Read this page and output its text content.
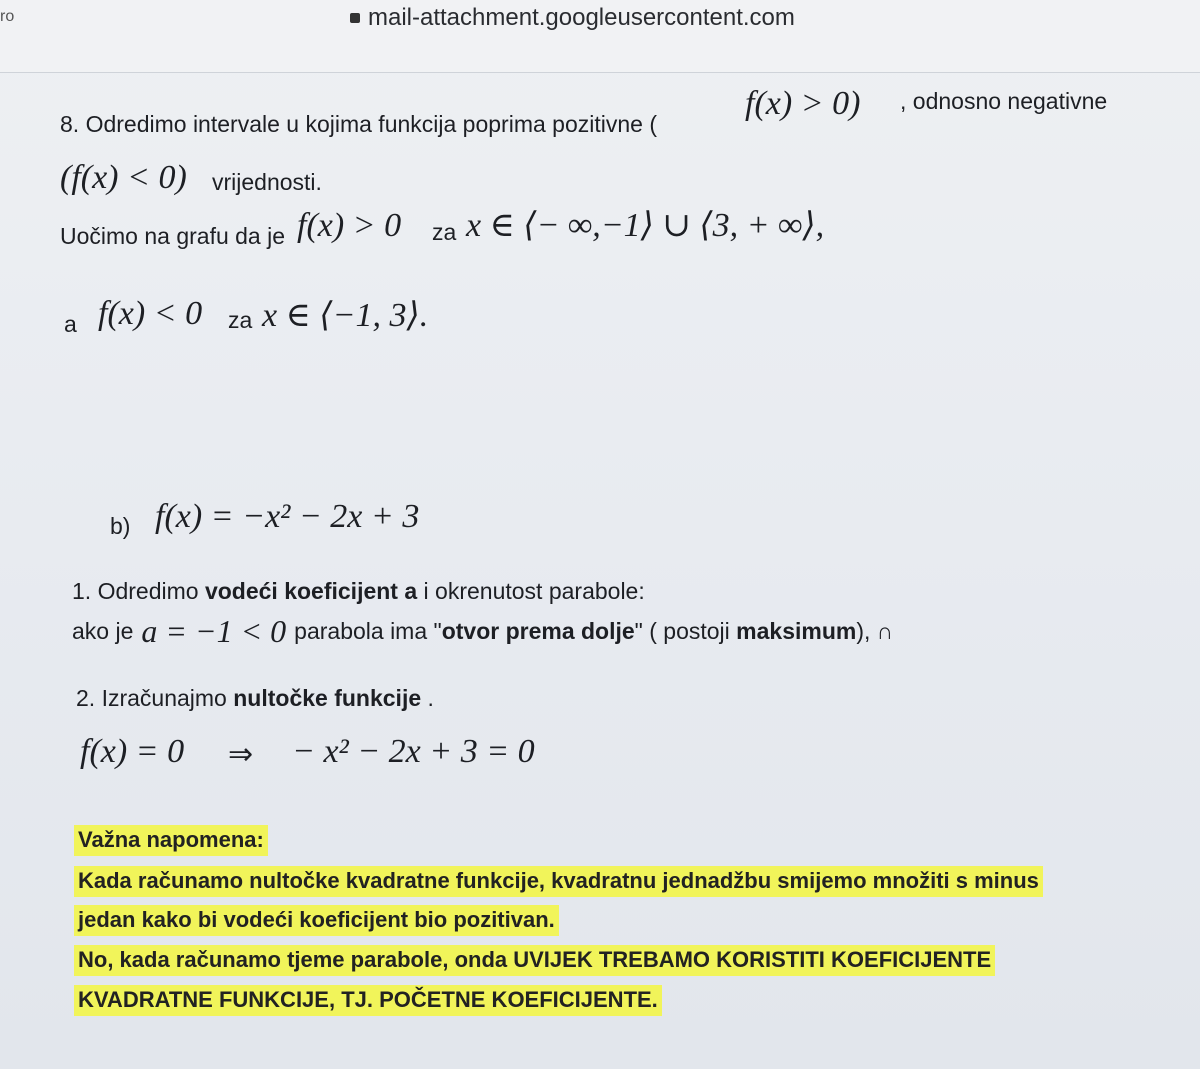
ro	mail-attachment.googleusercontent.com
8. Odredimo intervale u kojima funkcija poprima pozitivne (
f(x) > 0) , odnosno negativne
(f(x) < 0) vrijednosti.
Uočimo na grafu da je f(x) > 0 za x ∈ ⟨− ∞,−1⟩ ∪ ⟨3, + ∞⟩,
a f(x) < 0 za x ∈ ⟨−1, 3⟩.
b) f(x) = −x² − 2x + 3
1. Odredimo vodeći koeficijent a i okrenutost parabole:
ako je a = −1 < 0 parabola ima "otvor prema dolje" ( postoji maksimum), ∩
2. Izračunajmo nultočke funkcije .
f(x) = 0 ⇒ − x² − 2x + 3 = 0
Važna napomena:
Kada računamo nultočke kvadratne funkcije, kvadratnu jednadžbu smijemo množiti s minus
jedan kako bi vodeći koeficijent bio pozitivan.
No, kada računamo tjeme parabole, onda UVIJEK TREBAMO KORISTITI KOEFICIJENTE
KVADRATNE FUNKCIJE, TJ. POČETNE KOEFICIJENTE.
